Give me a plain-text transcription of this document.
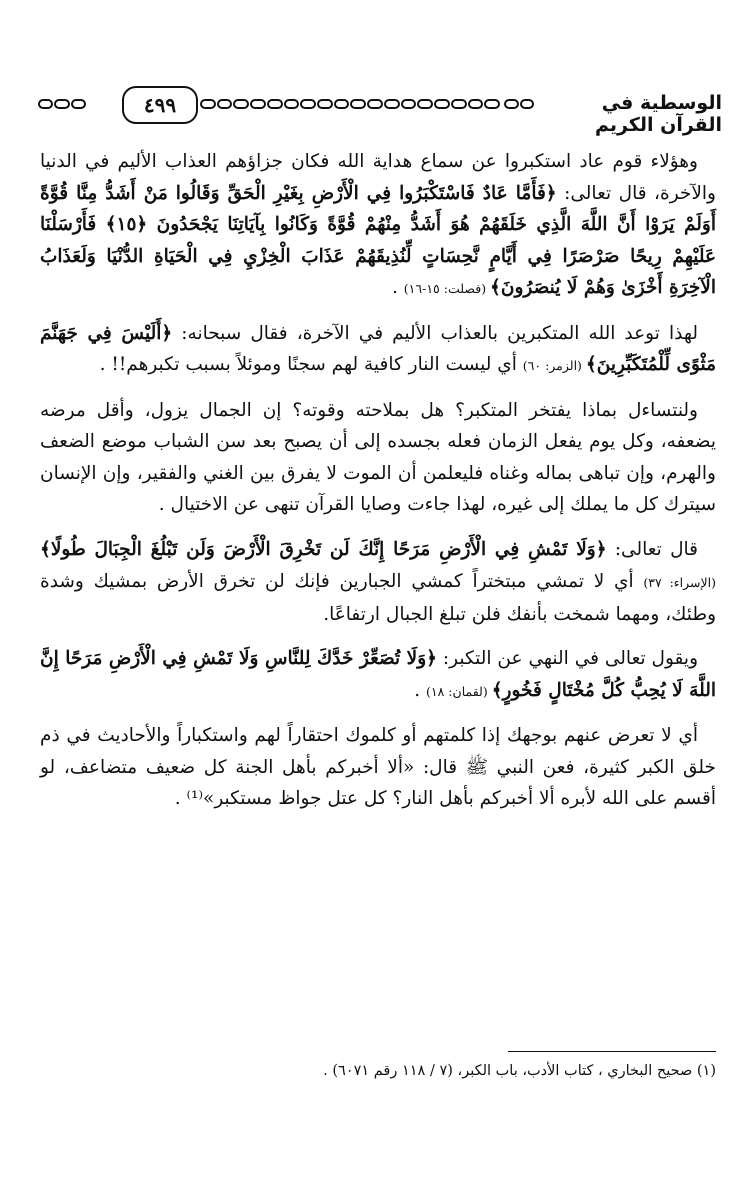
٤٩٩	الوسطية في القرآن الكريم

وهؤلاء قوم عاد استكبروا عن سماع هداية الله فكان جزاؤهم العذاب الأليم في الدنيا والآخرة، قال تعالى: ﴿فَأَمَّا عَادٌ فَاسْتَكْبَرُوا فِي الْأَرْضِ بِغَيْرِ الْحَقِّ وَقَالُوا مَنْ أَشَدُّ مِنَّا قُوَّةً أَوَلَمْ يَرَوْا أَنَّ اللَّهَ الَّذِي خَلَقَهُمْ هُوَ أَشَدُّ مِنْهُمْ قُوَّةً وَكَانُوا بِآيَاتِنَا يَجْحَدُونَ ﴿١٥﴾ فَأَرْسَلْنَا عَلَيْهِمْ رِيحًا صَرْصَرًا فِي أَيَّامٍ نَّحِسَاتٍ لِّنُذِيقَهُمْ عَذَابَ الْخِزْيِ فِي الْحَيَاةِ الدُّنْيَا وَلَعَذَابُ الْآخِرَةِ أَخْزَىٰ وَهُمْ لَا يُنصَرُونَ﴾ (فصلت: ١٥-١٦) .

لهذا توعد الله المتكبرين بالعذاب الأليم في الآخرة، فقال سبحانه: ﴿أَلَيْسَ فِي جَهَنَّمَ مَثْوًى لِّلْمُتَكَبِّرِينَ﴾ (الزمر: ٦٠) أي ليست النار كافية لهم سجنًا وموئلاً بسبب تكبرهم!! .

ولنتساءل بماذا يفتخر المتكبر؟ هل بملاحته وقوته؟ إن الجمال يزول، وأقل مرضه يضعفه، وكل يوم يفعل الزمان فعله بجسده إلى أن يصبح بعد سن الشباب موضع الضعف والهرم، وإن تباهى بماله وغناه فليعلمن أن الموت لا يفرق بين الغني والفقير، وإن الإنسان سيترك كل ما يملك إلى غيره، لهذا جاءت وصايا القرآن تنهى عن الاختيال .

قال تعالى: ﴿وَلَا تَمْشِ فِي الْأَرْضِ مَرَحًا إِنَّكَ لَن تَخْرِقَ الْأَرْضَ وَلَن تَبْلُغَ الْجِبَالَ طُولًا﴾ (الإسراء: ٣٧) أي لا تمشي مبتختراً كمشي الجبارين فإنك لن تخرق الأرض بمشيك وشدة وطئك، ومهما شمخت بأنفك فلن تبلغ الجبال ارتفاعًا.

ويقول تعالى في النهي عن التكبر: ﴿وَلَا تُصَعِّرْ خَدَّكَ لِلنَّاسِ وَلَا تَمْشِ فِي الْأَرْضِ مَرَحًا إِنَّ اللَّهَ لَا يُحِبُّ كُلَّ مُخْتَالٍ فَخُورٍ﴾ (لقمان: ١٨) .

أي لا تعرض عنهم بوجهك إذا كلمتهم أو كلموك احتقاراً لهم واستكباراً والأحاديث في ذم خلق الكبر كثيرة، فعن النبي ﷺ قال: «ألا أخبركم بأهل الجنة كل ضعيف متضاعف، لو أقسم على الله لأبره ألا أخبركم بأهل النار؟ كل عتل جواظ مستكبر»⁽¹⁾ .

(١) صحيح البخاري ، كتاب الأدب، باب الكبر، (٧ / ١١٨ رقم ٦٠٧١) .
